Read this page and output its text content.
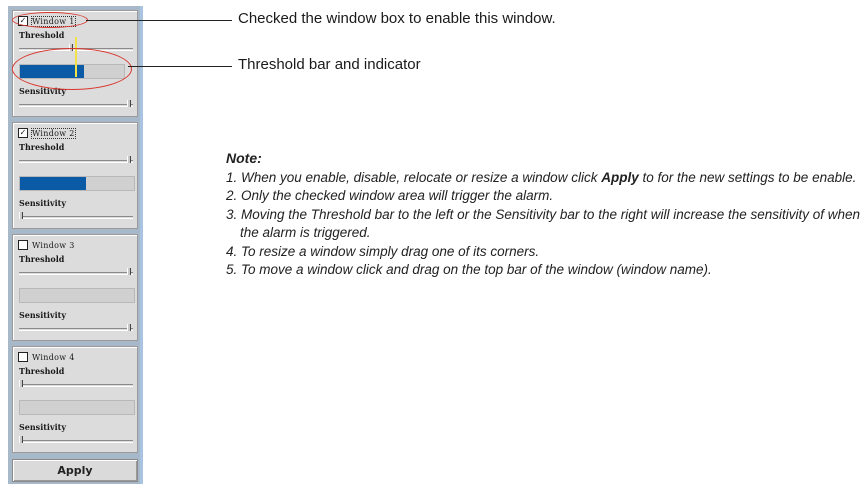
✓ Window 1
Threshold
Sensitivity
✓ Window 2
Threshold
Sensitivity
Window 3
Threshold
Sensitivity
Window 4
Threshold
Sensitivity
Apply
Checked the window box to enable this window.
Threshold bar and indicator
Note:
1. When you enable, disable, relocate or resize a window click Apply to for the new settings to be enable.
2. Only the checked window area will trigger the alarm.
3. Moving the Threshold bar to the left or the Sensitivity bar to the right will increase the sensitivity of when the alarm is triggered.
4. To resize a window simply drag one of its corners.
5. To move a window click and drag on the top bar of the window (window name).
